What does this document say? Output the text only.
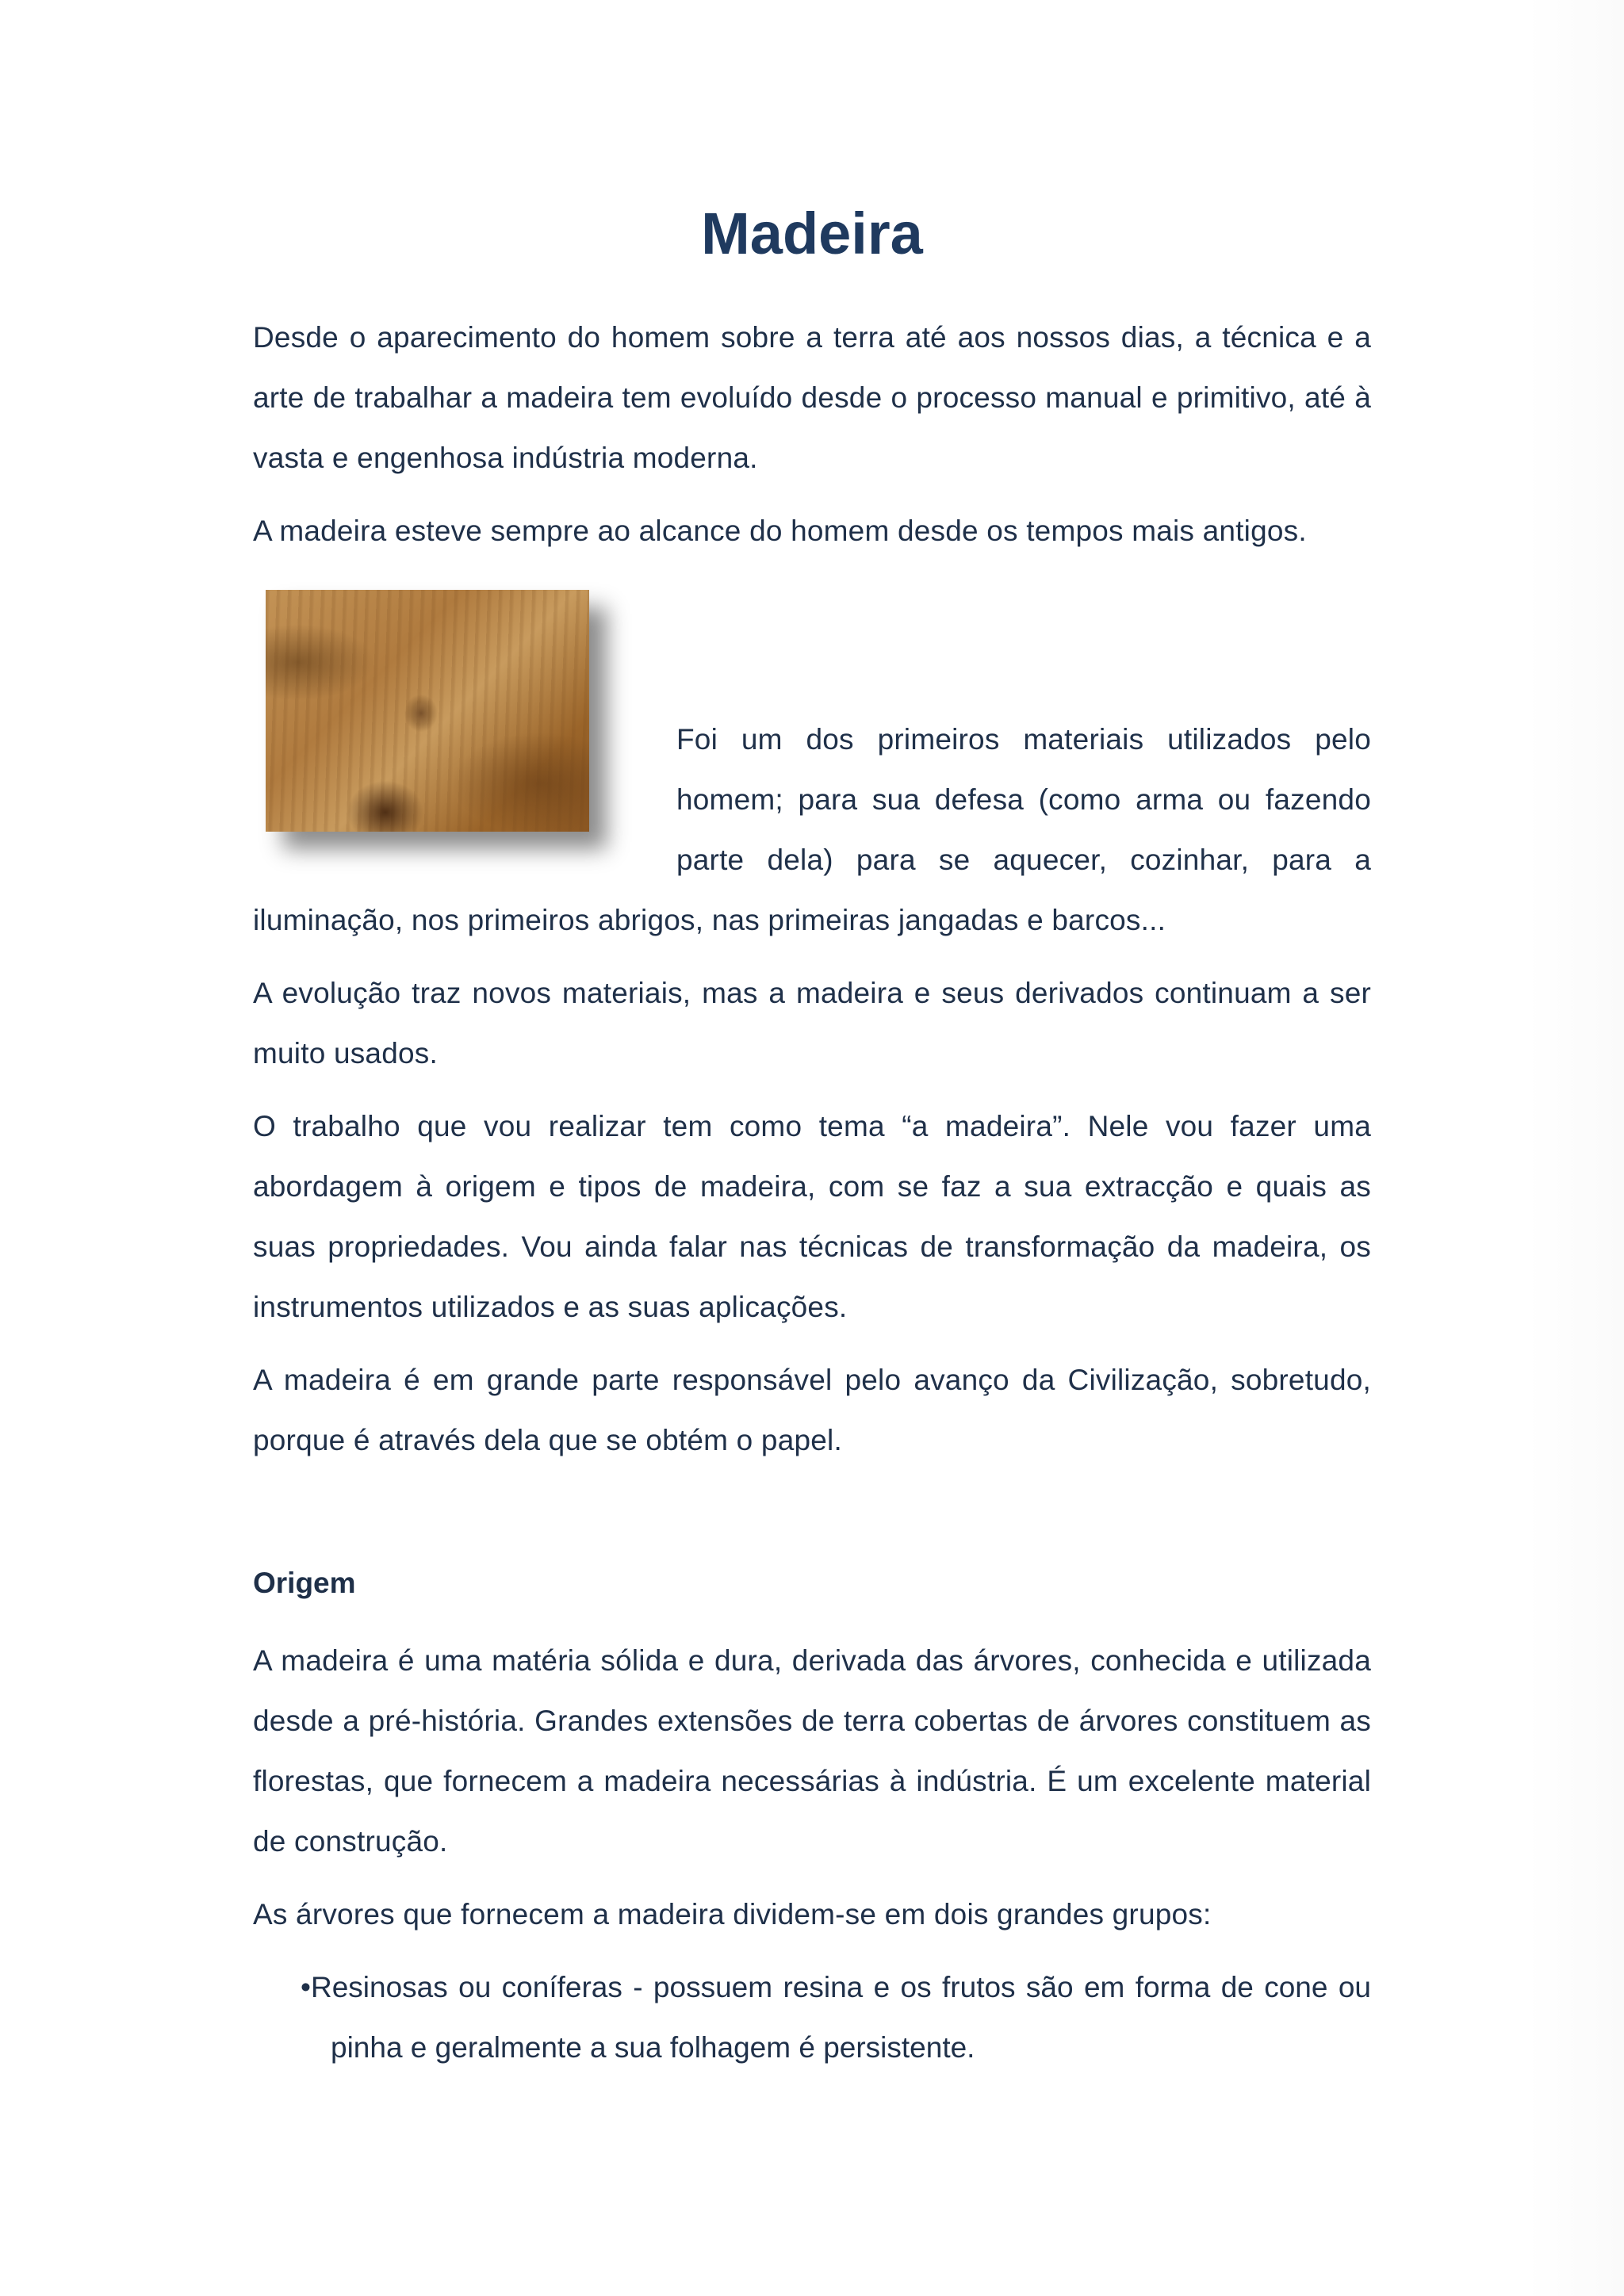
Madeira

Desde o aparecimento do homem sobre a terra até aos nossos dias, a técnica e a arte de trabalhar a madeira tem evoluído desde o processo manual e primitivo, até à vasta e engenhosa indústria moderna.

A madeira esteve sempre ao alcance do homem desde os tempos mais antigos.

Foi um dos primeiros materiais utilizados pelo homem; para sua defesa (como arma ou fazendo parte dela) para se aquecer, cozinhar, para a iluminação, nos primeiros abrigos, nas primeiras jangadas e barcos...

A evolução traz novos materiais, mas a madeira e seus derivados continuam a ser muito usados.

O trabalho que vou realizar tem como tema “a madeira”. Nele vou fazer uma abordagem à origem e tipos de madeira, com se faz a sua extracção e quais as suas propriedades. Vou ainda falar nas técnicas de transformação da madeira, os instrumentos utilizados e as suas aplicações.

A madeira é em grande parte responsável pelo avanço da Civilização, sobretudo, porque é através dela que se obtém o papel.

Origem

A madeira é uma matéria sólida e dura, derivada das árvores, conhecida e utilizada desde a pré-história. Grandes extensões de terra cobertas de árvores constituem as florestas, que fornecem a madeira necessárias à indústria. É um excelente material de construção.

As árvores que fornecem a madeira dividem-se em dois grandes grupos:

• Resinosas ou coníferas - possuem resina e os frutos são em forma de cone ou pinha e geralmente a sua folhagem é persistente.
